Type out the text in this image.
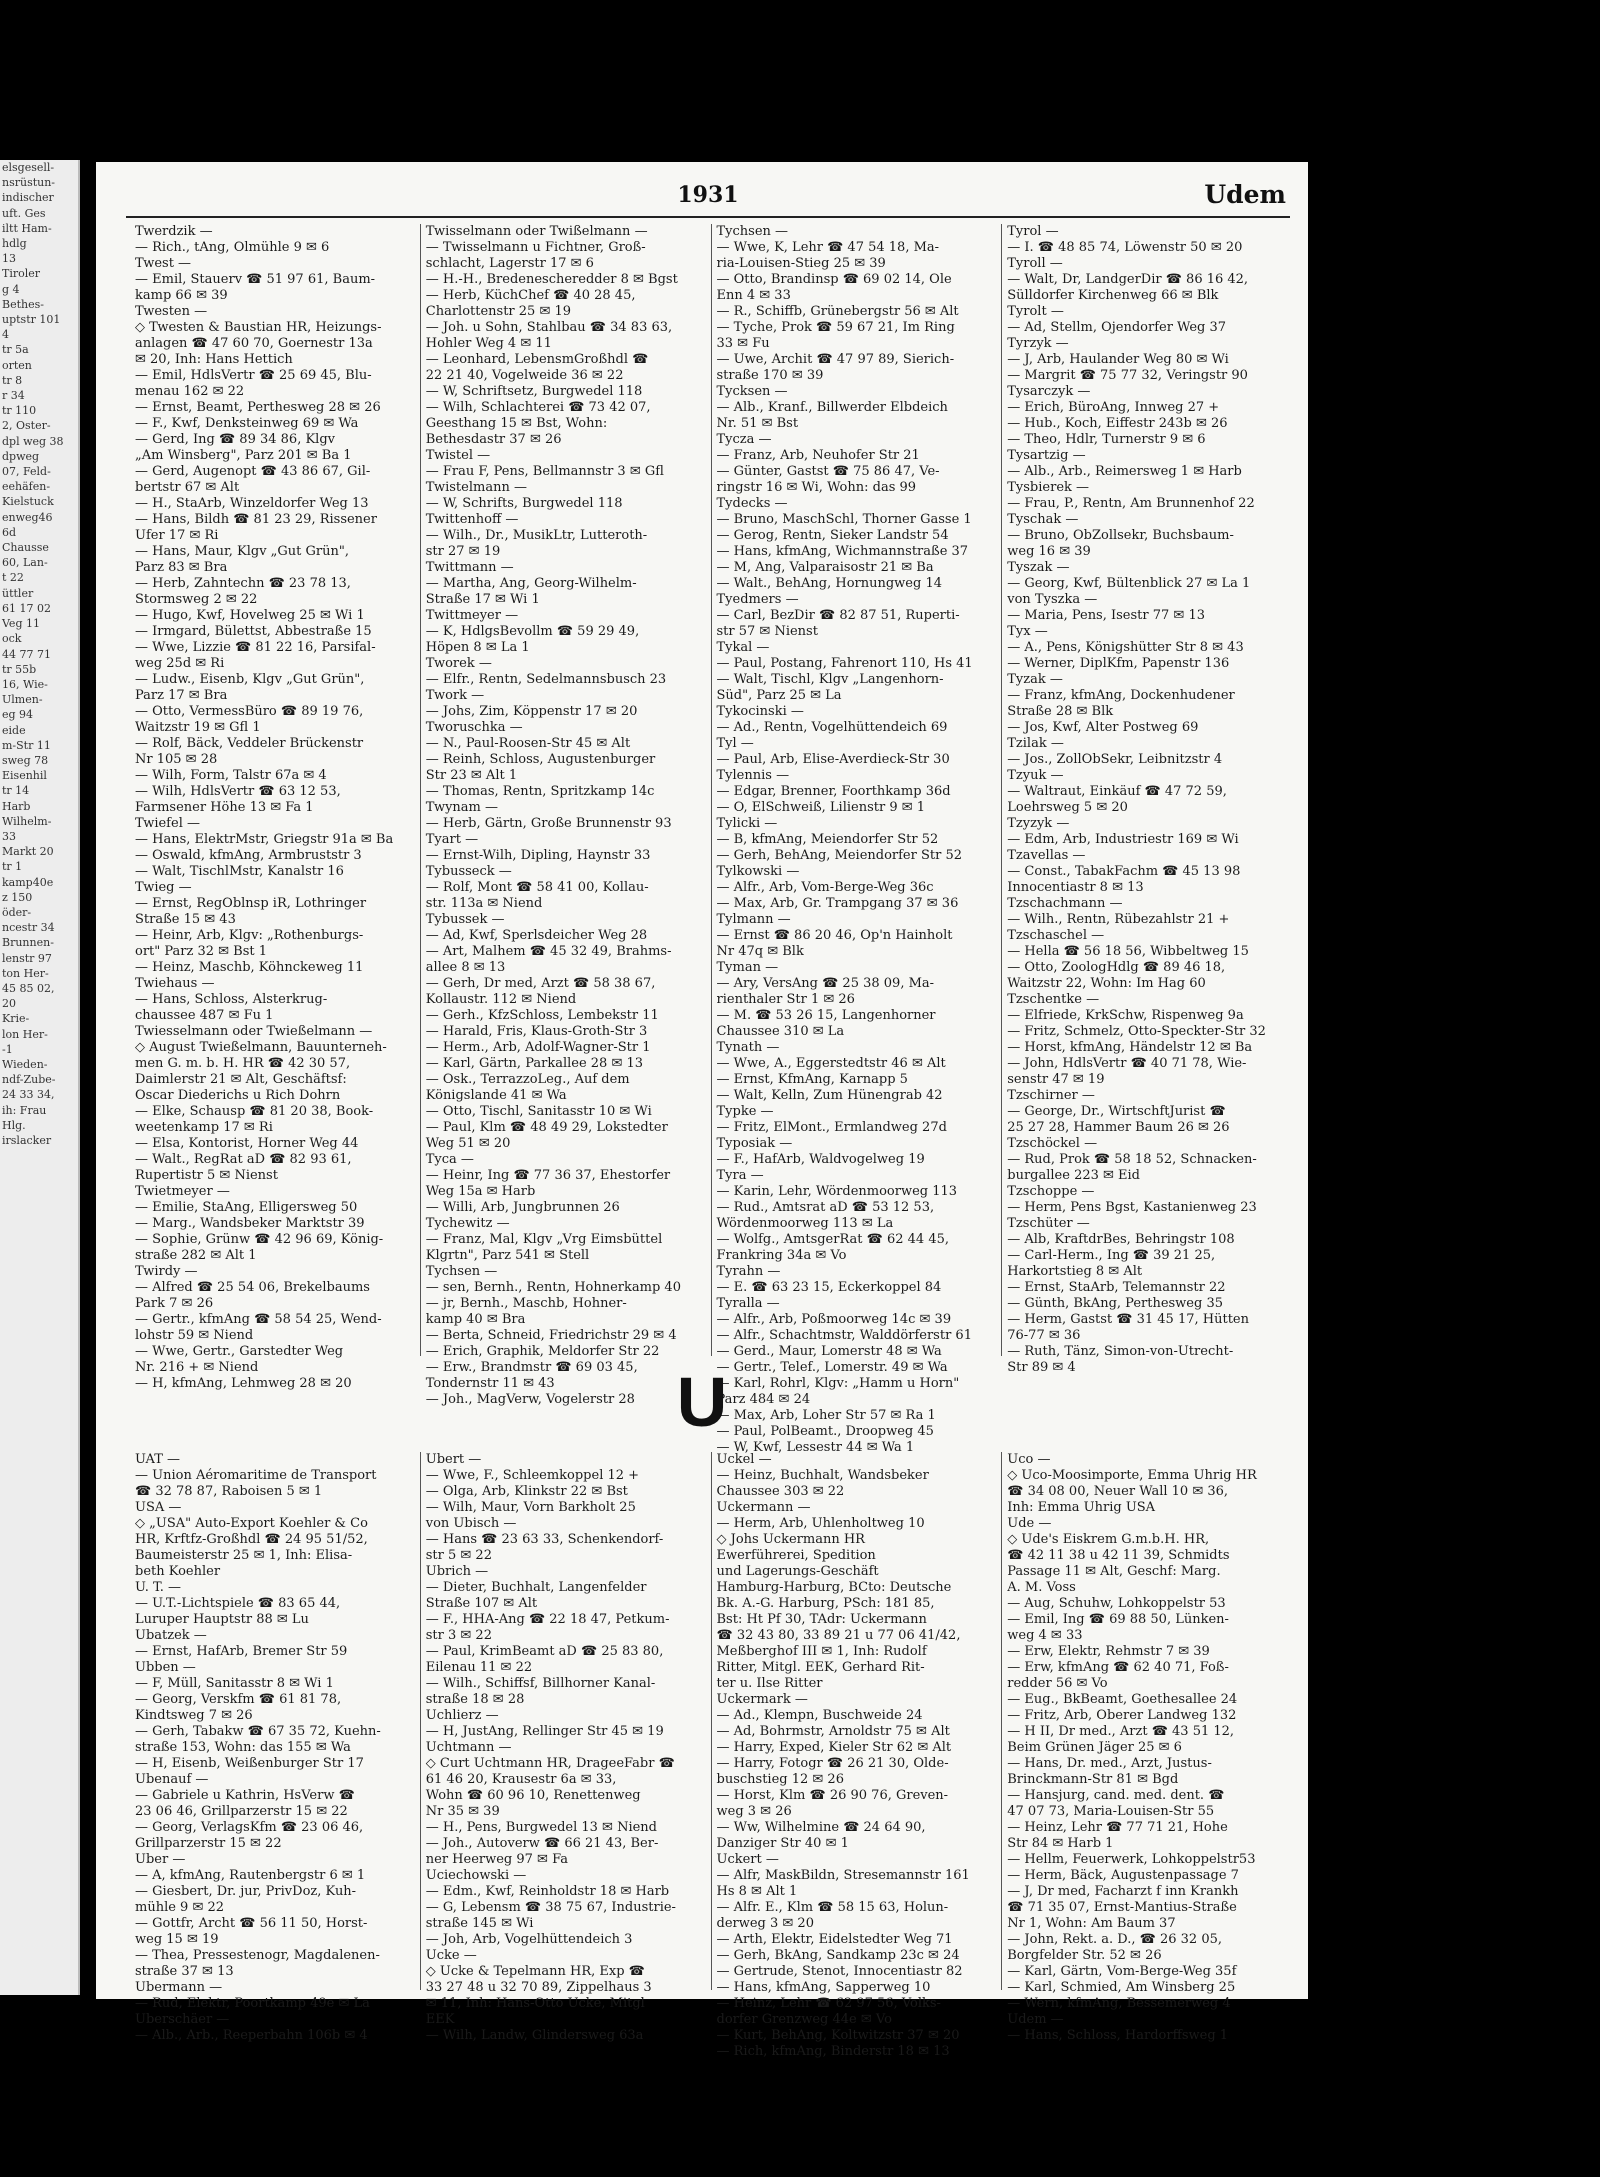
elsgesell-
nsrüstun-
indischer
uft. Ges
iltt Ham-
hdlg
13
Tiroler
g 4
Bethes-
uptstr 101
4
tr 5a
orten
tr 8
r 34
tr 110
2, Oster-
dpl weg 38
dpweg
07, Feld-
eehäfen-
Kielstuck
enweg46
6d
Chausse
60, Lan-
t 22
üttler
61 17 02
Veg 11
ock
44 77 71
tr 55b
16, Wie-
Ulmen-
eg 94
eide
m-Str 11
sweg 78
Eisenhil
tr 14
Harb
Wilhelm-
33
Markt 20
tr 1
kamp40e
z 150
öder-
ncestr 34
Brunnen-
lenstr 97
ton Her-
45 85 02,
20
Krie-
lon Her-
-1
Wieden-
ndf-Zube-
24 33 34,
ih: Frau
Hlg.
irslacker
1931	Udem
Twerdzik —
— Rich., tAng, Olmühle 9 ✉ 6
Twest —
— Emil, Stauerv ☎ 51 97 61, Baum-
kamp 66 ✉ 39
Twesten —
◇ Twesten & Baustian HR, Heizungs-
anlagen ☎ 47 60 70, Goernestr 13a
✉ 20, Inh: Hans Hettich
— Emil, HdlsVertr ☎ 25 69 45, Blu-
menau 162 ✉ 22
— Ernst, Beamt, Perthesweg 28 ✉ 26
— F., Kwf, Denksteinweg 69 ✉ Wa
— Gerd, Ing ☎ 89 34 86, Klgv
„Am Winsberg", Parz 201 ✉ Ba 1
— Gerd, Augenopt ☎ 43 86 67, Gil-
bertstr 67 ✉ Alt
— H., StaArb, Winzeldorfer Weg 13
— Hans, Bildh ☎ 81 23 29, Rissener
Ufer 17 ✉ Ri
— Hans, Maur, Klgv „Gut Grün",
Parz 83 ✉ Bra
— Herb, Zahntechn ☎ 23 78 13,
Stormsweg 2 ✉ 22
— Hugo, Kwf, Hovelweg 25 ✉ Wi 1
— Irmgard, Bülettst, Abbestraße 15
— Wwe, Lizzie ☎ 81 22 16, Parsifal-
weg 25d ✉ Ri
— Ludw., Eisenb, Klgv „Gut Grün",
Parz 17 ✉ Bra
— Otto, VermessBüro ☎ 89 19 76,
Waitzstr 19 ✉ Gfl 1
— Rolf, Bäck, Veddeler Brückenstr
Nr 105 ✉ 28
— Wilh, Form, Talstr 67a ✉ 4
— Wilh, HdlsVertr ☎ 63 12 53,
Farmsener Höhe 13 ✉ Fa 1
Twiefel —
— Hans, ElektrMstr, Griegstr 91a ✉ Ba
— Oswald, kfmAng, Armbruststr 3
— Walt, TischlMstr, Kanalstr 16
Twieg —
— Ernst, RegOblnsp iR, Lothringer
Straße 15 ✉ 43
— Heinr, Arb, Klgv: „Rothenburgs-
ort" Parz 32 ✉ Bst 1
— Heinz, Maschb, Köhnckeweg 11
Twiehaus —
— Hans, Schloss, Alsterkrug-
chaussee 487 ✉ Fu 1
Twiesselmann oder Twießelmann —
◇ August Twießelmann, Bauunterneh-
men G. m. b. H. HR ☎ 42 30 57,
Daimlerstr 21 ✉ Alt, Geschäftsf:
Oscar Diederichs u Rich Dohrn
— Elke, Schausp ☎ 81 20 38, Book-
weetenkamp 17 ✉ Ri
— Elsa, Kontorist, Horner Weg 44
— Walt., RegRat aD ☎ 82 93 61,
Rupertistr 5 ✉ Nienst
Twietmeyer —
— Emilie, StaAng, Elligersweg 50
— Marg., Wandsbeker Marktstr 39
— Sophie, Grünw ☎ 42 96 69, König-
straße 282 ✉ Alt 1
Twirdy —
— Alfred ☎ 25 54 06, Brekelbaums
Park 7 ✉ 26
— Gertr., kfmAng ☎ 58 54 25, Wend-
lohstr 59 ✉ Niend
— Wwe, Gertr., Garstedter Weg
Nr. 216 + ✉ Niend
— H, kfmAng, Lehmweg 28 ✉ 20
Twisselmann oder Twißelmann —
— Twisselmann u Fichtner, Groß-
schlacht, Lagerstr 17 ✉ 6
— H.-H., Bredenescheredder 8 ✉ Bgst
— Herb, KüchChef ☎ 40 28 45,
Charlottenstr 25 ✉ 19
— Joh. u Sohn, Stahlbau ☎ 34 83 63,
Hohler Weg 4 ✉ 11
— Leonhard, LebensmGroßhdl ☎
22 21 40, Vogelweide 36 ✉ 22
— W, Schriftsetz, Burgwedel 118
— Wilh, Schlachterei ☎ 73 42 07,
Geesthang 15 ✉ Bst, Wohn:
Bethesdastr 37 ✉ 26
Twistel —
— Frau F, Pens, Bellmannstr 3 ✉ Gfl
Twistelmann —
— W, Schrifts, Burgwedel 118
Twittenhoff —
— Wilh., Dr., MusikLtr, Lutteroth-
str 27 ✉ 19
Twittmann —
— Martha, Ang, Georg-Wilhelm-
Straße 17 ✉ Wi 1
Twittmeyer —
— K, HdlgsBevollm ☎ 59 29 49,
Höpen 8 ✉ La 1
Tworek —
— Elfr., Rentn, Sedelmannsbusch 23
Twork —
— Johs, Zim, Köppenstr 17 ✉ 20
Tworuschka —
— N., Paul-Roosen-Str 45 ✉ Alt
— Reinh, Schloss, Augustenburger
Str 23 ✉ Alt 1
— Thomas, Rentn, Spritzkamp 14c
Twynam —
— Herb, Gärtn, Große Brunnenstr 93
Tyart —
— Ernst-Wilh, Dipling, Haynstr 33
Tybusseck —
— Rolf, Mont ☎ 58 41 00, Kollau-
str. 113a ✉ Niend
Tybussek —
— Ad, Kwf, Sperlsdeicher Weg 28
— Art, Malhem ☎ 45 32 49, Brahms-
allee 8 ✉ 13
— Gerh, Dr med, Arzt ☎ 58 38 67,
Kollaustr. 112 ✉ Niend
— Gerh., KfzSchloss, Lembekstr 11
— Harald, Fris, Klaus-Groth-Str 3
— Herm., Arb, Adolf-Wagner-Str 1
— Karl, Gärtn, Parkallee 28 ✉ 13
— Osk., TerrazzoLeg., Auf dem
Königslande 41 ✉ Wa
— Otto, Tischl, Sanitasstr 10 ✉ Wi
— Paul, Klm ☎ 48 49 29, Lokstedter
Weg 51 ✉ 20
Tyca —
— Heinr, Ing ☎ 77 36 37, Ehestorfer
Weg 15a ✉ Harb
— Willi, Arb, Jungbrunnen 26
Tychewitz —
— Franz, Mal, Klgv „Vrg Eimsbüttel
Klgrtn", Parz 541 ✉ Stell
Tychsen —
— sen, Bernh., Rentn, Hohnerkamp 40
— jr, Bernh., Maschb, Hohner-
kamp 40 ✉ Bra
— Berta, Schneid, Friedrichstr 29 ✉ 4
— Erich, Graphik, Meldorfer Str 22
— Erw., Brandmstr ☎ 69 03 45,
Tondernstr 11 ✉ 43
— Joh., MagVerw, Vogelerstr 28
Tychsen —
— Wwe, K, Lehr ☎ 47 54 18, Ma-
ria-Louisen-Stieg 25 ✉ 39
— Otto, Brandinsp ☎ 69 02 14, Ole
Enn 4 ✉ 33
— R., Schiffb, Grünebergstr 56 ✉ Alt
— Tyche, Prok ☎ 59 67 21, Im Ring
33 ✉ Fu
— Uwe, Archit ☎ 47 97 89, Sierich-
straße 170 ✉ 39
Tycksen —
— Alb., Kranf., Billwerder Elbdeich
Nr. 51 ✉ Bst
Tycza —
— Franz, Arb, Neuhofer Str 21
— Günter, Gastst ☎ 75 86 47, Ve-
ringstr 16 ✉ Wi, Wohn: das 99
Tydecks —
— Bruno, MaschSchl, Thorner Gasse 1
— Gerog, Rentn, Sieker Landstr 54
— Hans, kfmAng, Wichmannstraße 37
— M, Ang, Valparaisostr 21 ✉ Ba
— Walt., BehAng, Hornungweg 14
Tyedmers —
— Carl, BezDir ☎ 82 87 51, Ruperti-
str 57 ✉ Nienst
Tykal —
— Paul, Postang, Fahrenort 110, Hs 41
— Walt, Tischl, Klgv „Langenhorn-
Süd", Parz 25 ✉ La
Tykocinski —
— Ad., Rentn, Vogelhüttendeich 69
Tyl —
— Paul, Arb, Elise-Averdieck-Str 30
Tylennis —
— Edgar, Brenner, Foorthkamp 36d
— O, ElSchweiß, Lilienstr 9 ✉ 1
Tylicki —
— B, kfmAng, Meiendorfer Str 52
— Gerh, BehAng, Meiendorfer Str 52
Tylkowski —
— Alfr., Arb, Vom-Berge-Weg 36c
— Max, Arb, Gr. Trampgang 37 ✉ 36
Tylmann —
— Ernst ☎ 86 20 46, Op'n Hainholt
Nr 47q ✉ Blk
Tyman —
— Ary, VersAng ☎ 25 38 09, Ma-
rienthaler Str 1 ✉ 26
— M. ☎ 53 26 15, Langenhorner
Chaussee 310 ✉ La
Tynath —
— Wwe, A., Eggerstedtstr 46 ✉ Alt
— Ernst, KfmAng, Karnapp 5
— Walt, Kelln, Zum Hünengrab 42
Typke —
— Fritz, ElMont., Ermlandweg 27d
Typosiak —
— F., HafArb, Waldvogelweg 19
Tyra —
— Karin, Lehr, Wördenmoorweg 113
— Rud., Amtsrat aD ☎ 53 12 53,
Wördenmoorweg 113 ✉ La
— Wolfg., AmtsgerRat ☎ 62 44 45,
Frankring 34a ✉ Vo
Tyrahn —
— E. ☎ 63 23 15, Eckerkoppel 84
Tyralla —
— Alfr., Arb, Poßmoorweg 14c ✉ 39
— Alfr., Schachtmstr, Walddörferstr 61
— Gerd., Maur, Lomerstr 48 ✉ Wa
— Gertr., Telef., Lomerstr. 49 ✉ Wa
— Karl, Rohrl, Klgv: „Hamm u Horn"
Parz 484 ✉ 24
— Max, Arb, Loher Str 57 ✉ Ra 1
— Paul, PolBeamt., Droopweg 45
— W, Kwf, Lessestr 44 ✉ Wa 1
Tyrol —
— I. ☎ 48 85 74, Löwenstr 50 ✉ 20
Tyroll —
— Walt, Dr, LandgerDir ☎ 86 16 42,
Sülldorfer Kirchenweg 66 ✉ Blk
Tyrolt —
— Ad, Stellm, Ojendorfer Weg 37
Tyrzyk —
— J, Arb, Haulander Weg 80 ✉ Wi
— Margrit ☎ 75 77 32, Veringstr 90
Tysarczyk —
— Erich, BüroAng, Innweg 27 +
— Hub., Koch, Eiffestr 243b ✉ 26
— Theo, Hdlr, Turnerstr 9 ✉ 6
Tysartzig —
— Alb., Arb., Reimersweg 1 ✉ Harb
Tysbierek —
— Frau, P., Rentn, Am Brunnenhof 22
Tyschak —
— Bruno, ObZollsekr, Buchsbaum-
weg 16 ✉ 39
Tyszak —
— Georg, Kwf, Bültenblick 27 ✉ La 1
von Tyszka —
— Maria, Pens, Isestr 77 ✉ 13
Tyx —
— A., Pens, Königshütter Str 8 ✉ 43
— Werner, DiplKfm, Papenstr 136
Tyzak —
— Franz, kfmAng, Dockenhudener
Straße 28 ✉ Blk
— Jos, Kwf, Alter Postweg 69
Tzilak —
— Jos., ZollObSekr, Leibnitzstr 4
Tzyuk —
— Waltraut, Einkäuf ☎ 47 72 59,
Loehrsweg 5 ✉ 20
Tzyzyk —
— Edm, Arb, Industriestr 169 ✉ Wi
Tzavellas —
— Const., TabakFachm ☎ 45 13 98
Innocentiastr 8 ✉ 13
Tzschachmann —
— Wilh., Rentn, Rübezahlstr 21 +
Tzschaschel —
— Hella ☎ 56 18 56, Wibbeltweg 15
— Otto, ZoologHdlg ☎ 89 46 18,
Waitzstr 22, Wohn: Im Hag 60
Tzschentke —
— Elfriede, KrkSchw, Rispenweg 9a
— Fritz, Schmelz, Otto-Speckter-Str 32
— Horst, kfmAng, Händelstr 12 ✉ Ba
— John, HdlsVertr ☎ 40 71 78, Wie-
senstr 47 ✉ 19
Tzschirner —
— George, Dr., WirtschftJurist ☎
25 27 28, Hammer Baum 26 ✉ 26
Tzschöckel —
— Rud, Prok ☎ 58 18 52, Schnacken-
burgallee 223 ✉ Eid
Tzschoppe —
— Herm, Pens Bgst, Kastanienweg 23
Tzschüter —
— Alb, KraftdrBes, Behringstr 108
— Carl-Herm., Ing ☎ 39 21 25,
Harkortstieg 8 ✉ Alt
— Ernst, StaArb, Telemannstr 22
— Günth, BkAng, Perthesweg 35
— Herm, Gastst ☎ 31 45 17, Hütten
76-77 ✉ 36
— Ruth, Tänz, Simon-von-Utrecht-
Str 89 ✉ 4
U
UAT —
— Union Aéromaritime de Transport
☎ 32 78 87, Raboisen 5 ✉ 1
USA —
◇ „USA" Auto-Export Koehler & Co
HR, Krftfz-Großhdl ☎ 24 95 51/52,
Baumeisterstr 25 ✉ 1, Inh: Elisa-
beth Koehler
U. T. —
— U.T.-Lichtspiele ☎ 83 65 44,
Luruper Hauptstr 88 ✉ Lu
Ubatzek —
— Ernst, HafArb, Bremer Str 59
Ubben —
— F, Müll, Sanitasstr 8 ✉ Wi 1
— Georg, Verskfm ☎ 61 81 78,
Kindtsweg 7 ✉ 26
— Gerh, Tabakw ☎ 67 35 72, Kuehn-
straße 153, Wohn: das 155 ✉ Wa
— H, Eisenb, Weißenburger Str 17
Ubenauf —
— Gabriele u Kathrin, HsVerw ☎
23 06 46, Grillparzerstr 15 ✉ 22
— Georg, VerlagsKfm ☎ 23 06 46,
Grillparzerstr 15 ✉ 22
Uber —
— A, kfmAng, Rautenbergstr 6 ✉ 1
— Giesbert, Dr. jur, PrivDoz, Kuh-
mühle 9 ✉ 22
— Gottfr, Archt ☎ 56 11 50, Horst-
weg 15 ✉ 19
— Thea, Pressestenogr, Magdalenen-
straße 37 ✉ 13
Ubermann —
— Rud, Elektr, Poortkamp 49e ✉ La
Uberschäer —
— Alb., Arb., Reeperbahn 106b ✉ 4
Ubert —
— Wwe, F., Schleemkoppel 12 +
— Olga, Arb, Klinkstr 22 ✉ Bst
— Wilh, Maur, Vorn Barkholt 25
von Ubisch —
— Hans ☎ 23 63 33, Schenkendorf-
str 5 ✉ 22
Ubrich —
— Dieter, Buchhalt, Langenfelder
Straße 107 ✉ Alt
— F., HHA-Ang ☎ 22 18 47, Petkum-
str 3 ✉ 22
— Paul, KrimBeamt aD ☎ 25 83 80,
Eilenau 11 ✉ 22
— Wilh., Schiffsf, Billhorner Kanal-
straße 18 ✉ 28
Uchlierz —
— H, JustAng, Rellinger Str 45 ✉ 19
Uchtmann —
◇ Curt Uchtmann HR, DrageeFabr ☎
61 46 20, Krausestr 6a ✉ 33,
Wohn ☎ 60 96 10, Renettenweg
Nr 35 ✉ 39
— H., Pens, Burgwedel 13 ✉ Niend
— Joh., Autoverw ☎ 66 21 43, Ber-
ner Heerweg 97 ✉ Fa
Uciechowski —
— Edm., Kwf, Reinholdstr 18 ✉ Harb
— G, Lebensm ☎ 38 75 67, Industrie-
straße 145 ✉ Wi
— Joh, Arb, Vogelhüttendeich 3
Ucke —
◇ Ucke & Tepelmann HR, Exp ☎
33 27 48 u 32 70 89, Zippelhaus 3
✉ 11, Inh: Hans-Otto Ucke, Mitgl
EEK
— Wilh, Landw, Glindersweg 63a
Uckel —
— Heinz, Buchhalt, Wandsbeker
Chaussee 303 ✉ 22
Uckermann —
— Herm, Arb, Uhlenholtweg 10
◇ Johs Uckermann HR
Ewerführerei, Spedition
und Lagerungs-Geschäft
Hamburg-Harburg, BCto: Deutsche
Bk. A.-G. Harburg, PSch: 181 85,
Bst: Ht Pf 30, TAdr: Uckermann
☎ 32 43 80, 33 89 21 u 77 06 41/42,
Meßberghof III ✉ 1, Inh: Rudolf
Ritter, Mitgl. EEK, Gerhard Rit-
ter u. Ilse Ritter
Uckermark —
— Ad., Klempn, Buschweide 24
— Ad, Bohrmstr, Arnoldstr 75 ✉ Alt
— Harry, Exped, Kieler Str 62 ✉ Alt
— Harry, Fotogr ☎ 26 21 30, Olde-
buschstieg 12 ✉ 26
— Horst, Klm ☎ 26 90 76, Greven-
weg 3 ✉ 26
— Ww, Wilhelmine ☎ 24 64 90,
Danziger Str 40 ✉ 1
Uckert —
— Alfr, MaskBildn, Stresemannstr 161
Hs 8 ✉ Alt 1
— Alfr. E., Klm ☎ 58 15 63, Holun-
derweg 3 ✉ 20
— Arth, Elektr, Eidelstedter Weg 71
— Gerh, BkAng, Sandkamp 23c ✉ 24
— Gertrude, Stenot, Innocentiastr 82
— Hans, kfmAng, Sapperweg 10
— Heinz, Lehr ☎ 62 97 56, Volks-
dorfer Grenzweg 44e ✉ Vo
— Kurt, BehAng, Koltwitzstr 37 ✉ 20
— Rich, kfmAng, Binderstr 18 ✉ 13
Uco —
◇ Uco-Moosimporte, Emma Uhrig HR
☎ 34 08 00, Neuer Wall 10 ✉ 36,
Inh: Emma Uhrig USA
Ude —
◇ Ude's Eiskrem G.m.b.H. HR,
☎ 42 11 38 u 42 11 39, Schmidts
Passage 11 ✉ Alt, Geschf: Marg.
A. M. Voss
— Aug, Schuhw, Lohkoppelstr 53
— Emil, Ing ☎ 69 88 50, Lünken-
weg 4 ✉ 33
— Erw, Elektr, Rehmstr 7 ✉ 39
— Erw, kfmAng ☎ 62 40 71, Foß-
redder 56 ✉ Vo
— Eug., BkBeamt, Goethesallee 24
— Fritz, Arb, Oberer Landweg 132
— H II, Dr med., Arzt ☎ 43 51 12,
Beim Grünen Jäger 25 ✉ 6
— Hans, Dr. med., Arzt, Justus-
Brinckmann-Str 81 ✉ Bgd
— Hansjurg, cand. med. dent. ☎
47 07 73, Maria-Louisen-Str 55
— Heinz, Lehr ☎ 77 71 21, Hohe
Str 84 ✉ Harb 1
— Hellm, Feuerwerk, Lohkoppelstr53
— Herm, Bäck, Augustenpassage 7
— J, Dr med, Facharzt f inn Krankh
☎ 71 35 07, Ernst-Mantius-Straße
Nr 1, Wohn: Am Baum 37
— John, Rekt. a. D., ☎ 26 32 05,
Borgfelder Str. 52 ✉ 26
— Karl, Gärtn, Vom-Berge-Weg 35f
— Karl, Schmied, Am Winsberg 25
— Wern, kfmAng, Bessemerweg 4
Udem —
— Hans, Schloss, Hardorffsweg 1
